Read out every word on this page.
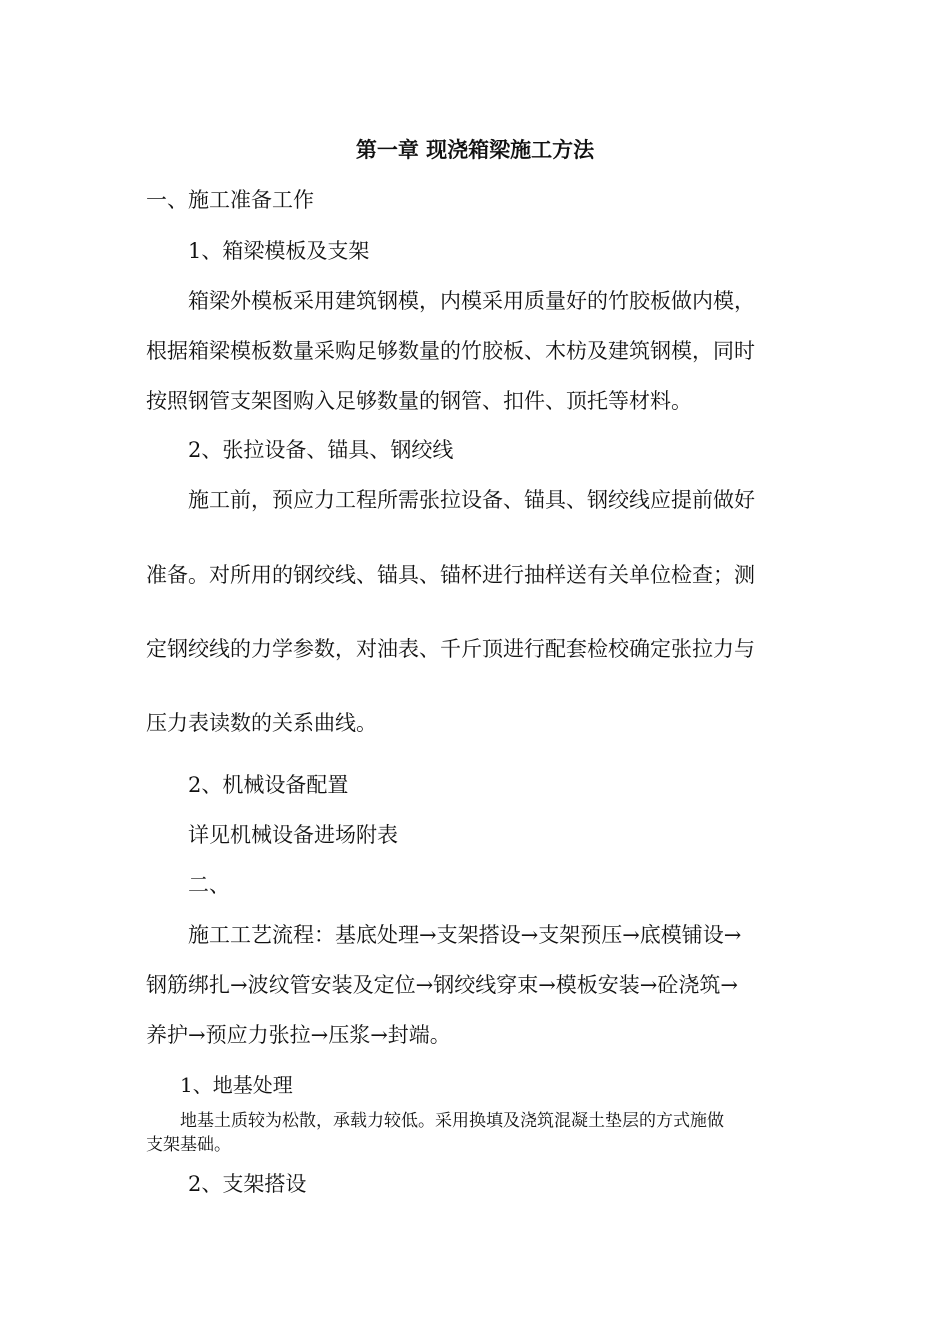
第一章 现浇箱梁施工方法
一、施工准备工作
1、箱梁模板及支架
箱梁外模板采用建筑钢模，内模采用质量好的竹胶板做内模，
根据箱梁模板数量采购足够数量的竹胶板、木枋及建筑钢模，同时
按照钢管支架图购入足够数量的钢管、扣件、顶托等材料。
2、张拉设备、锚具、钢绞线
施工前，预应力工程所需张拉设备、锚具、钢绞线应提前做好
准备。对所用的钢绞线、锚具、锚杯进行抽样送有关单位检查；测
定钢绞线的力学参数，对油表、千斤顶进行配套检校确定张拉力与
压力表读数的关系曲线。
2、机械设备配置
详见机械设备进场附表
二、
施工工艺流程：基底处理→支架搭设→支架预压→底模铺设→
钢筋绑扎→波纹管安装及定位→钢绞线穿束→模板安装→砼浇筑→
养护→预应力张拉→压浆→封端。
1、地基处理
地基土质较为松散，承载力较低。采用换填及浇筑混凝土垫层的方式施做
支架基础。
2、支架搭设
